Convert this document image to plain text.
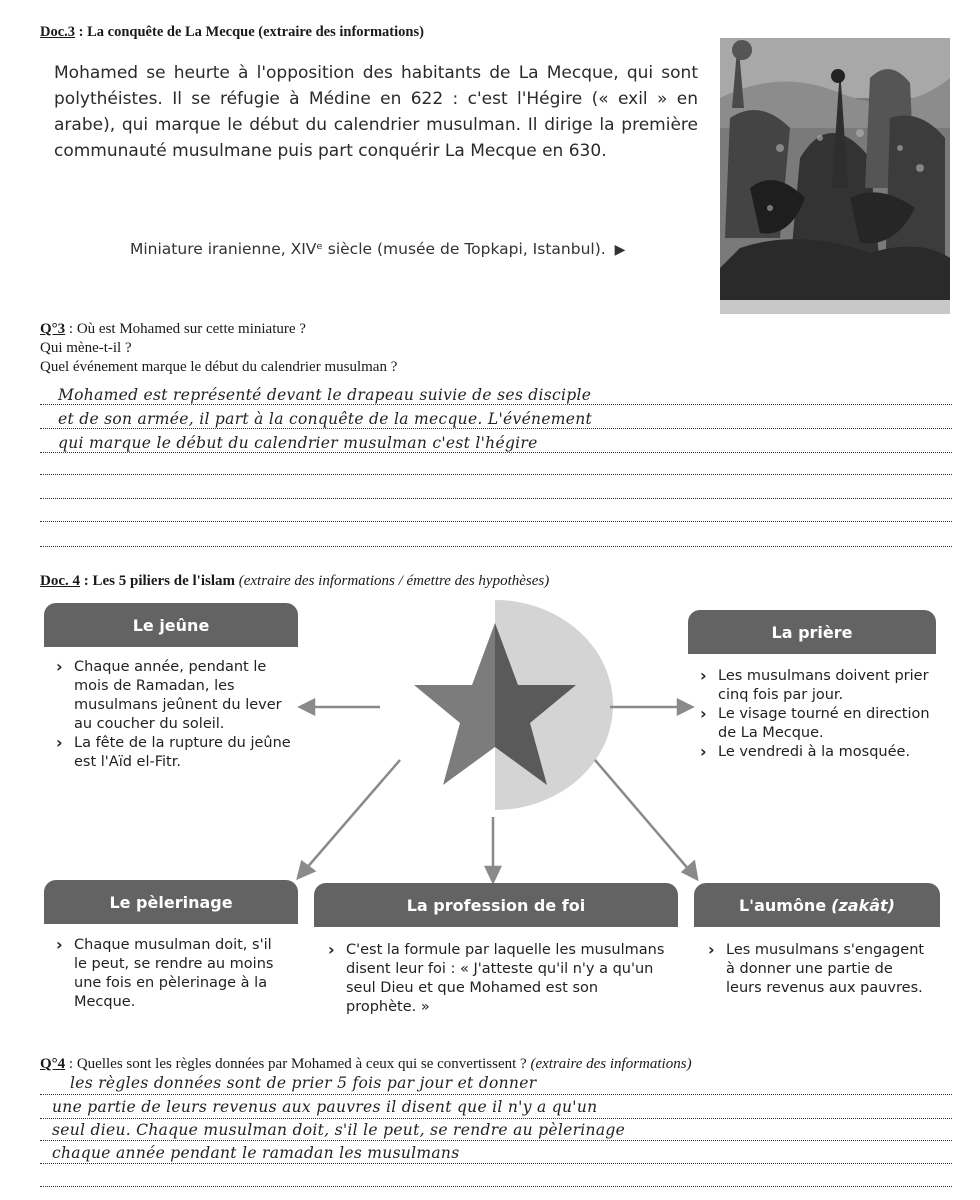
Doc.3 : La conquête de La Mecque (extraire des informations)
Mohamed se heurte à l'opposition des habitants de La Mecque, qui sont polythéistes. Il se réfugie à Médine en 622 : c'est l'Hégire (« exil » en arabe), qui marque le début du calendrier musulman. Il dirige la première communauté musulmane puis part conquérir La Mecque en 630.
Miniature iranienne, XIVᵉ siècle (musée de Topkapi, Istanbul). ▶
Q°3 : Où est Mohamed sur cette miniature ?
Qui mène-t-il ?
Quel événement marque le début du calendrier musulman ?
Mohamed est représenté devant le drapeau suivie de ses disciple
et de son armée, il part à la conquête de la mecque. L'événement
qui marque le début du calendrier musulman c'est l'hégire
Doc. 4 : Les 5 piliers de l'islam (extraire des informations / émettre des hypothèses)
Le jeûne
› Chaque année, pendant le mois de Ramadan, les musulmans jeûnent du lever au coucher du soleil.
› La fête de la rupture du jeûne est l'Aïd el-Fitr.
La prière
› Les musulmans doivent prier cinq fois par jour.
› Le visage tourné en direction de La Mecque.
› Le vendredi à la mosquée.
Le pèlerinage
› Chaque musulman doit, s'il le peut, se rendre au moins une fois en pèlerinage à la Mecque.
La profession de foi
› C'est la formule par laquelle les musulmans disent leur foi : « J'atteste qu'il n'y a qu'un seul Dieu et que Mohamed est son prophète. »
L'aumône (zakât)
› Les musulmans s'engagent à donner une partie de leurs revenus aux pauvres.
Q°4 : Quelles sont les règles données par Mohamed à ceux qui se convertissent ? (extraire des informations)
les règles données sont de prier 5 fois par jour et donner
une partie de leurs revenus aux pauvres il disent que il n'y a qu'un
seul dieu. Chaque musulman doit, s'il le peut, se rendre au pèlerinage
chaque année pendant le ramadan les musulmans
